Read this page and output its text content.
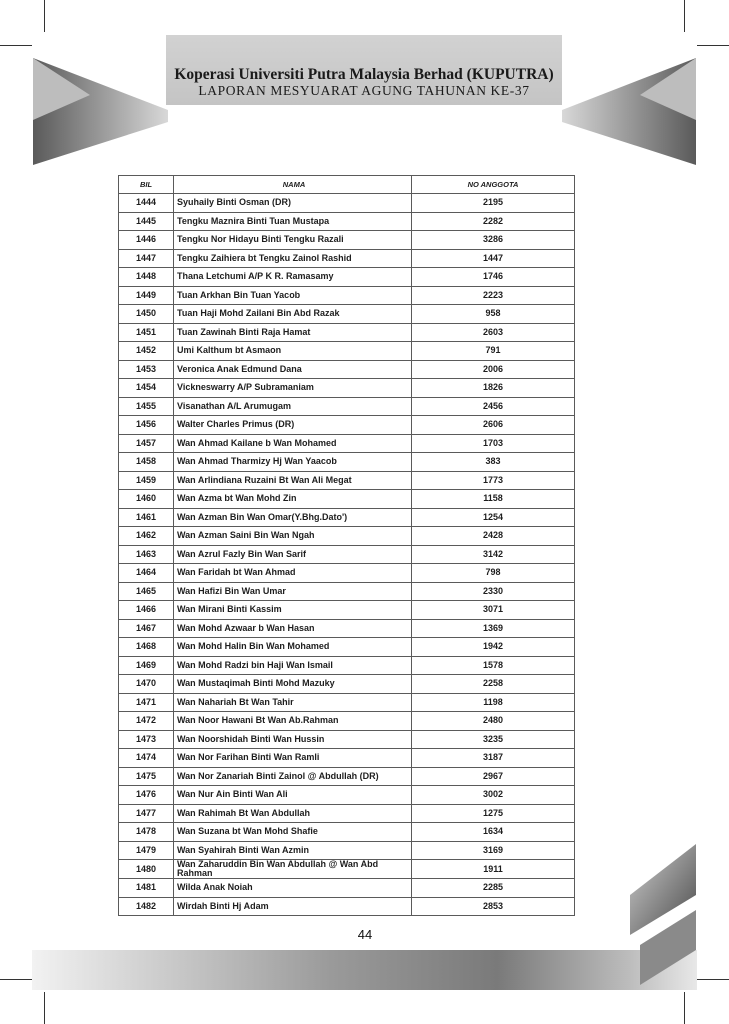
Koperasi Universiti Putra Malaysia Berhad (KUPUTRA)
LAPORAN MESYUARAT AGUNG TAHUNAN KE-37
BIL	NAMA	NO ANGGOTA
1444	Syuhaily Binti Osman (DR)	2195
1445	Tengku Maznira Binti Tuan Mustapa	2282
1446	Tengku Nor Hidayu Binti Tengku Razali	3286
1447	Tengku Zaihiera bt Tengku Zainol Rashid	1447
1448	Thana Letchumi A/P K R. Ramasamy	1746
1449	Tuan Arkhan Bin Tuan Yacob	2223
1450	Tuan Haji Mohd Zailani Bin Abd Razak	958
1451	Tuan Zawinah Binti Raja Hamat	2603
1452	Umi Kalthum bt Asmaon	791
1453	Veronica Anak Edmund Dana	2006
1454	Vickneswarry A/P Subramaniam	1826
1455	Visanathan A/L Arumugam	2456
1456	Walter Charles Primus (DR)	2606
1457	Wan Ahmad Kailane b Wan Mohamed	1703
1458	Wan Ahmad Tharmizy Hj Wan Yaacob	383
1459	Wan Arlindiana Ruzaini Bt Wan Ali Megat	1773
1460	Wan Azma bt Wan Mohd Zin	1158
1461	Wan Azman Bin Wan Omar(Y.Bhg.Dato')	1254
1462	Wan Azman Saini Bin Wan Ngah	2428
1463	Wan Azrul Fazly Bin Wan Sarif	3142
1464	Wan Faridah bt Wan Ahmad	798
1465	Wan Hafizi Bin Wan Umar	2330
1466	Wan Mirani Binti Kassim	3071
1467	Wan Mohd Azwaar b Wan Hasan	1369
1468	Wan Mohd Halin Bin Wan Mohamed	1942
1469	Wan Mohd Radzi bin Haji Wan Ismail	1578
1470	Wan Mustaqimah Binti Mohd Mazuky	2258
1471	Wan Nahariah Bt Wan Tahir	1198
1472	Wan Noor Hawani Bt Wan Ab.Rahman	2480
1473	Wan Noorshidah Binti Wan Hussin	3235
1474	Wan Nor Farihan Binti Wan Ramli	3187
1475	Wan Nor Zanariah Binti Zainol @ Abdullah (DR)	2967
1476	Wan Nur Ain Binti Wan Ali	3002
1477	Wan Rahimah Bt Wan Abdullah	1275
1478	Wan Suzana bt Wan Mohd Shafie	1634
1479	Wan Syahirah Binti Wan Azmin	3169
1480	Wan Zaharuddin Bin Wan Abdullah @ Wan Abd Rahman	1911
1481	Wilda Anak Noiah	2285
1482	Wirdah Binti Hj Adam	2853
44
